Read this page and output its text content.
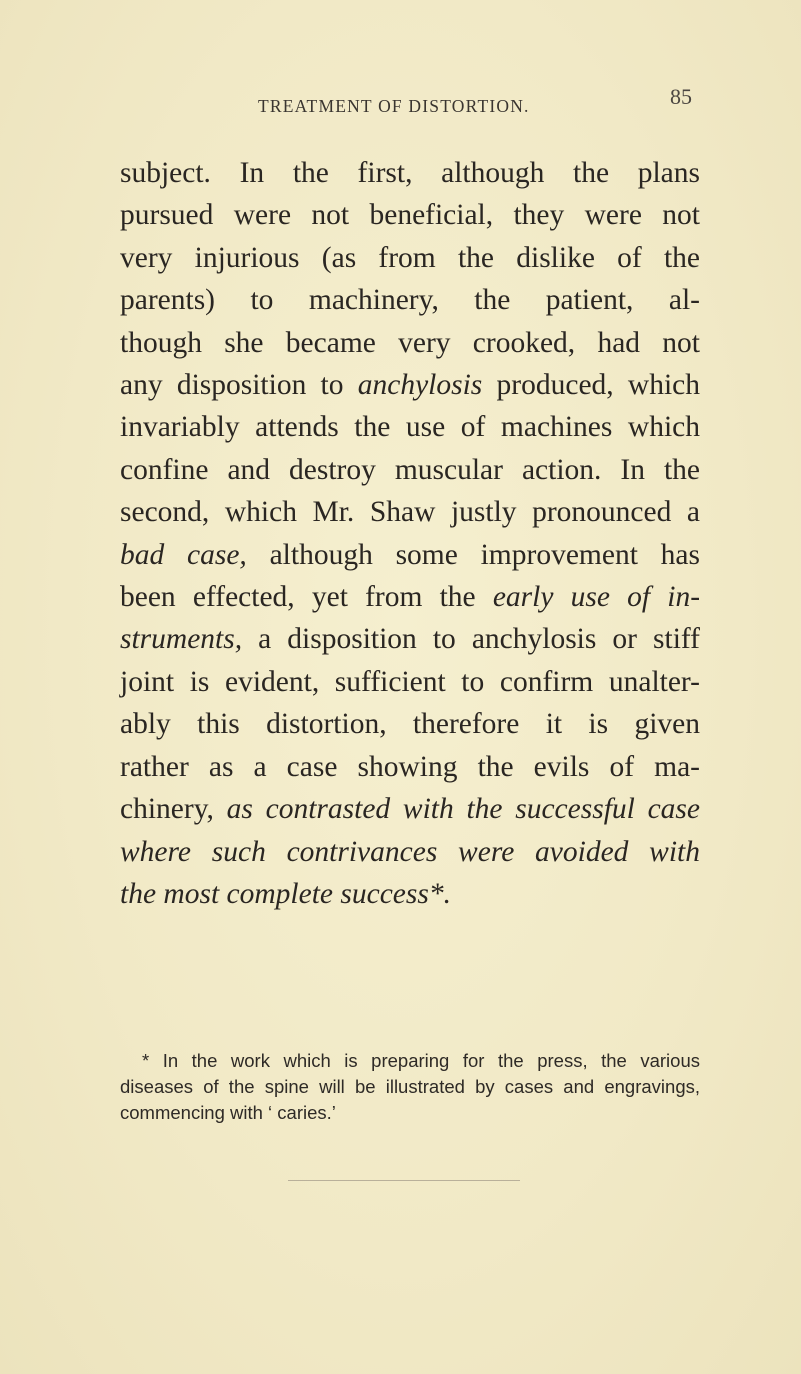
TREATMENT OF DISTORTION.	85
subject. In the first, although the plans
pursued were not beneficial, they were not
very injurious (as from the dislike of the
parents) to machinery, the patient, al-
though she became very crooked, had not
any disposition to anchylosis produced, which
invariably attends the use of machines which
confine and destroy muscular action. In the
second, which Mr. Shaw justly pronounced a
bad case, although some improvement has
been effected, yet from the early use of in-
struments, a disposition to anchylosis or stiff
joint is evident, sufficient to confirm unalter-
ably this distortion, therefore it is given
rather as a case showing the evils of ma-
chinery, as contrasted with the successful case
where such contrivances were avoided with
the most complete success*.
* In the work which is preparing for the press, the various
diseases of the spine will be illustrated by cases and engravings,
commencing with ‘ caries.’
